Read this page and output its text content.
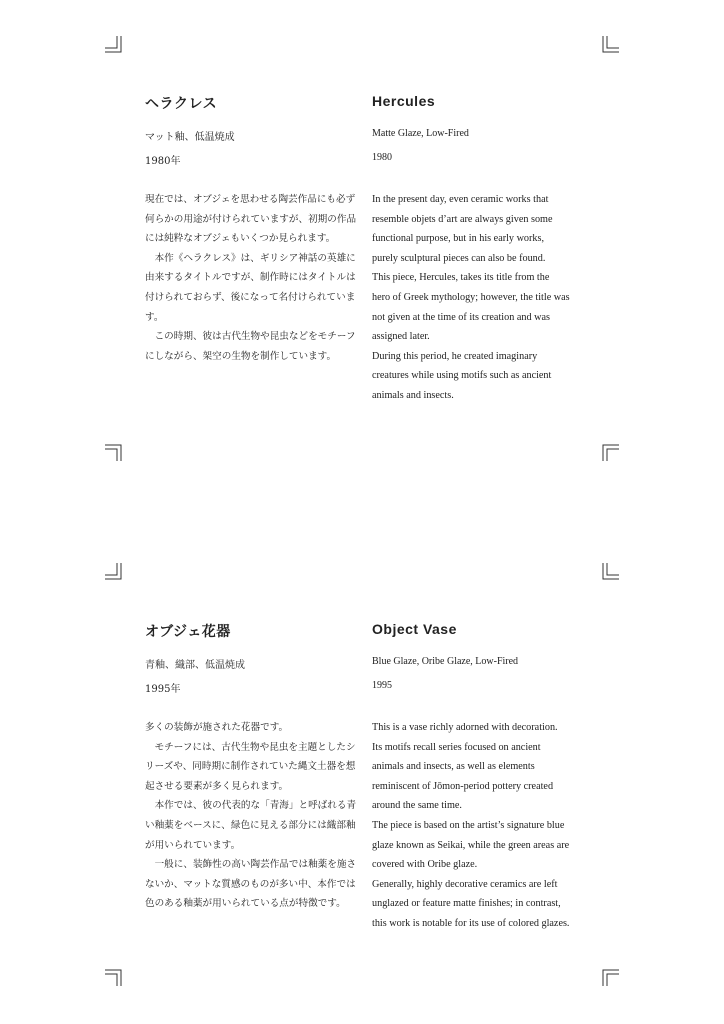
ヘラクレス
マット釉、低温焼成
1980年

現在では、オブジェを思わせる陶芸作品にも必ず何らかの用途が付けられていますが、初期の作品には純粋なオブジェもいくつか見られます。

本作《ヘラクレス》は、ギリシア神話の英雄に由来するタイトルですが、制作時にはタイトルは付けられておらず、後になって名付けられています。

この時期、彼は古代生物や昆虫などをモチーフにしながら、架空の生物を制作しています。

Hercules
Matte Glaze, Low-Fired
1980

In the present day, even ceramic works that

resemble objets d’art are always given some

functional purpose, but in his early works,

purely sculptural pieces can also be found.

This piece, Hercules, takes its title from the

hero of Greek mythology; however, the title was

not given at the time of its creation and was

assigned later.

During this period, he created imaginary

creatures while using motifs such as ancient

animals and insects.

オブジェ花器
青釉、織部、低温焼成
1995年

多くの装飾が施された花器です。

モチーフには、古代生物や昆虫を主題としたシリーズや、同時期に制作されていた縄文土器を想起させる要素が多く見られます。

本作では、彼の代表的な「青海」と呼ばれる青い釉薬をベースに、緑色に見える部分には織部釉が用いられています。

一般に、装飾性の高い陶芸作品では釉薬を施さないか、マットな質感のものが多い中、本作では色のある釉薬が用いられている点が特徴です。

Object Vase
Blue Glaze, Oribe Glaze, Low-Fired
1995

This is a vase richly adorned with decoration.

Its motifs recall series focused on ancient

animals and insects, as well as elements

reminiscent of Jōmon-period pottery created

around the same time.

The piece is based on the artist’s signature blue

glaze known as Seikai, while the green areas are

covered with Oribe glaze.

Generally, highly decorative ceramics are left

unglazed or feature matte finishes; in contrast,

this work is notable for its use of colored glazes.
